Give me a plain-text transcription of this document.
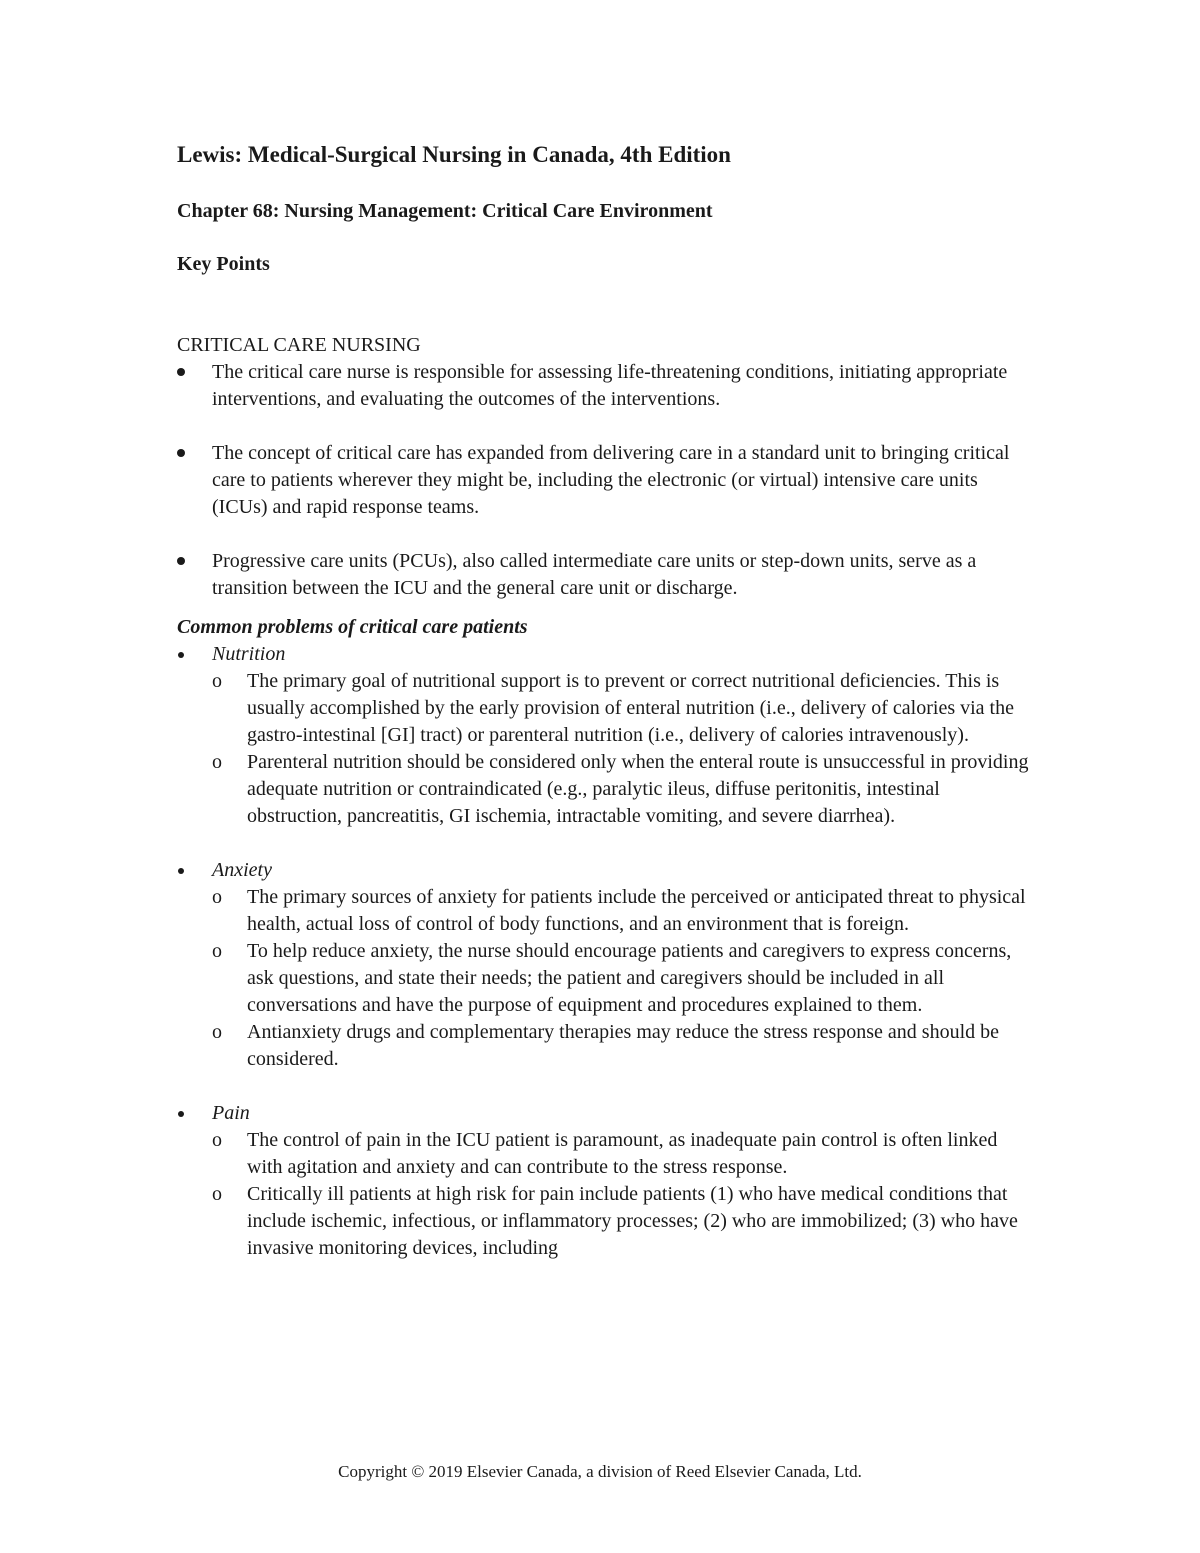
Lewis: Medical-Surgical Nursing in Canada, 4th Edition
Chapter 68: Nursing Management: Critical Care Environment
Key Points
CRITICAL CARE NURSING
The critical care nurse is responsible for assessing life-threatening conditions, initiating appropriate interventions, and evaluating the outcomes of the interventions.
The concept of critical care has expanded from delivering care in a standard unit to bringing critical care to patients wherever they might be, including the electronic (or virtual) intensive care units (ICUs) and rapid response teams.
Progressive care units (PCUs), also called intermediate care units or step-down units, serve as a transition between the ICU and the general care unit or discharge.
Common problems of critical care patients
Nutrition
o The primary goal of nutritional support is to prevent or correct nutritional deficiencies. This is usually accomplished by the early provision of enteral nutrition (i.e., delivery of calories via the gastro-intestinal [GI] tract) or parenteral nutrition (i.e., delivery of calories intravenously).
o Parenteral nutrition should be considered only when the enteral route is unsuccessful in providing adequate nutrition or contraindicated (e.g., paralytic ileus, diffuse peritonitis, intestinal obstruction, pancreatitis, GI ischemia, intractable vomiting, and severe diarrhea).
Anxiety
o The primary sources of anxiety for patients include the perceived or anticipated threat to physical health, actual loss of control of body functions, and an environment that is foreign.
o To help reduce anxiety, the nurse should encourage patients and caregivers to express concerns, ask questions, and state their needs; the patient and caregivers should be included in all conversations and have the purpose of equipment and procedures explained to them.
o Antianxiety drugs and complementary therapies may reduce the stress response and should be considered.
Pain
o The control of pain in the ICU patient is paramount, as inadequate pain control is often linked with agitation and anxiety and can contribute to the stress response.
o Critically ill patients at high risk for pain include patients (1) who have medical conditions that include ischemic, infectious, or inflammatory processes; (2) who are immobilized; (3) who have invasive monitoring devices, including

Copyright © 2019 Elsevier Canada, a division of Reed Elsevier Canada, Ltd.
